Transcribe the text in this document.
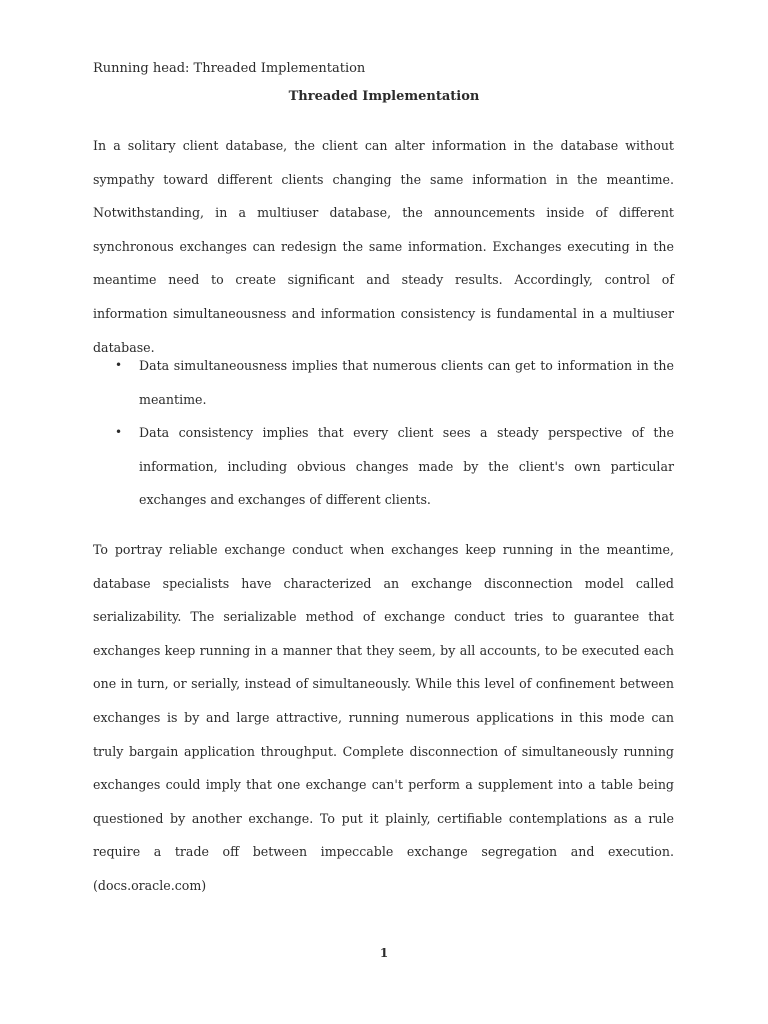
Running head: Threaded Implementation
Threaded Implementation

In a solitary client database, the client can alter information in the database without sympathy toward different clients changing the same information in the meantime. Notwithstanding, in a multiuser database, the announcements inside of different synchronous exchanges can redesign the same information. Exchanges executing in the meantime need to create significant and steady results. Accordingly, control of information simultaneousness and information consistency is fundamental in a multiuser database.

• Data simultaneousness implies that numerous clients can get to information in the meantime.
• Data consistency implies that every client sees a steady perspective of the information, including obvious changes made by the client's own particular exchanges and exchanges of different clients.

To portray reliable exchange conduct when exchanges keep running in the meantime, database specialists have characterized an exchange disconnection model called serializability. The serializable method of exchange conduct tries to guarantee that exchanges keep running in a manner that they seem, by all accounts, to be executed each one in turn, or serially, instead of simultaneously. While this level of confinement between exchanges is by and large attractive, running numerous applications in this mode can truly bargain application throughput. Complete disconnection of simultaneously running exchanges could imply that one exchange can't perform a supplement into a table being questioned by another exchange. To put it plainly, certifiable contemplations as a rule require a trade off between impeccable exchange segregation and execution. (docs.oracle.com)

1
